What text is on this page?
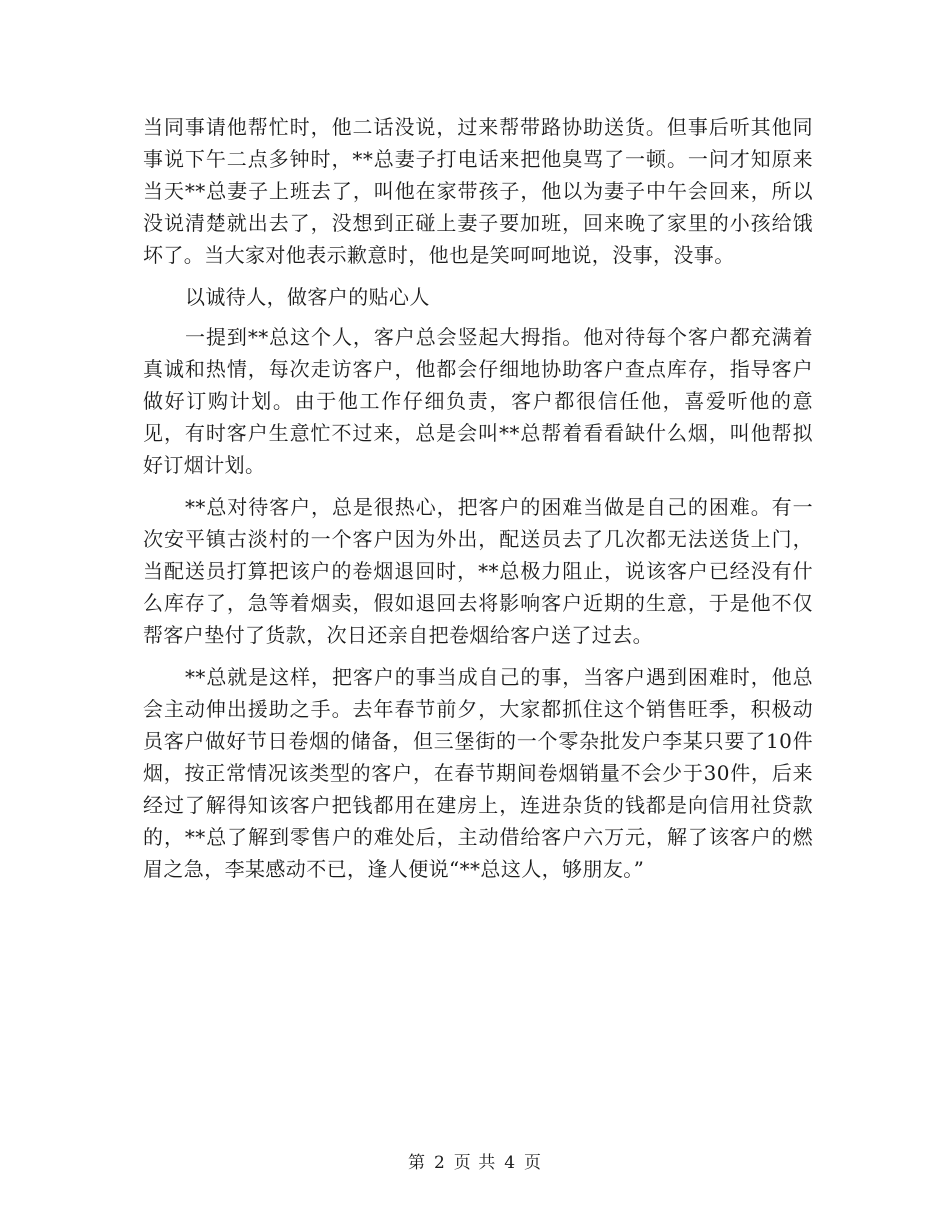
当同事请他帮忙时，他二话没说，过来帮带路协助送货。但事后听其他同事说下午二点多钟时，**总妻子打电话来把他臭骂了一顿。一问才知原来当天**总妻子上班去了，叫他在家带孩子，他以为妻子中午会回来，所以没说清楚就出去了，没想到正碰上妻子要加班，回来晚了家里的小孩给饿坏了。当大家对他表示歉意时，他也是笑呵呵地说，没事，没事。

以诚待人，做客户的贴心人

一提到**总这个人，客户总会竖起大拇指。他对待每个客户都充满着真诚和热情，每次走访客户，他都会仔细地协助客户查点库存，指导客户做好订购计划。由于他工作仔细负责，客户都很信任他，喜爱听他的意见，有时客户生意忙不过来，总是会叫**总帮着看看缺什么烟，叫他帮拟好订烟计划。

**总对待客户，总是很热心，把客户的困难当做是自己的困难。有一次安平镇古淡村的一个客户因为外出，配送员去了几次都无法送货上门，当配送员打算把该户的卷烟退回时，**总极力阻止，说该客户已经没有什么库存了，急等着烟卖，假如退回去将影响客户近期的生意，于是他不仅帮客户垫付了货款，次日还亲自把卷烟给客户送了过去。

**总就是这样，把客户的事当成自己的事，当客户遇到困难时，他总会主动伸出援助之手。去年春节前夕，大家都抓住这个销售旺季，积极动员客户做好节日卷烟的储备，但三堡街的一个零杂批发户李某只要了10件烟，按正常情况该类型的客户，在春节期间卷烟销量不会少于30件，后来经过了解得知该客户把钱都用在建房上，连进杂货的钱都是向信用社贷款的，**总了解到零售户的难处后，主动借给客户六万元，解了该客户的燃眉之急，李某感动不已，逢人便说“**总这人，够朋友。”

第 2 页 共 4 页
